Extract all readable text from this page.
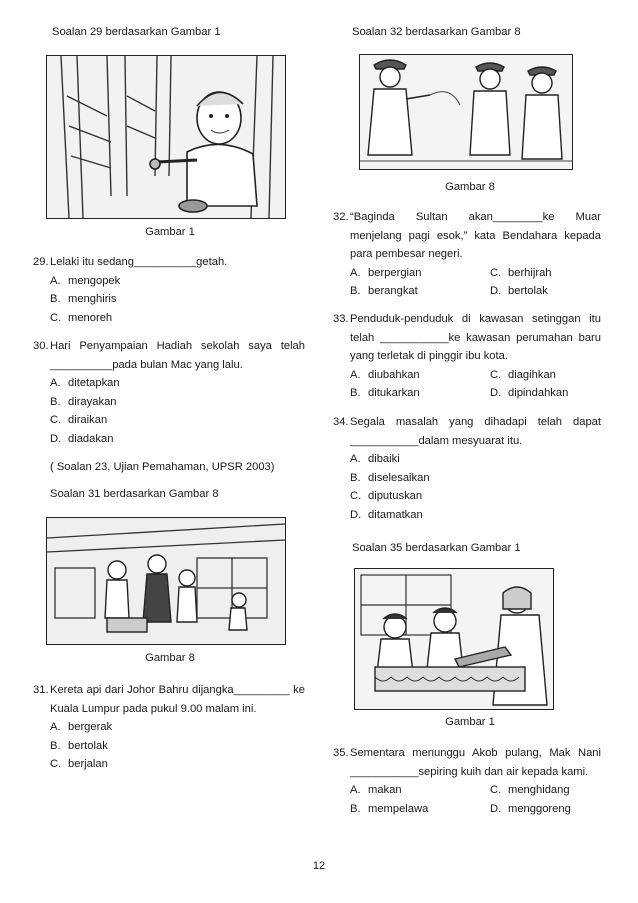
Soalan 29 berdasarkan Gambar 1
Gambar 1
29. Lelaki itu sedang__________getah.
A. mengopek
B. menghiris
C. menoreh
30. Hari Penyampaian Hadiah sekolah saya telah __________pada bulan Mac yang lalu.
A. ditetapkan
B. dirayakan
C. diraikan
D. diadakan
( Soalan 23, Ujian Pemahaman, UPSR 2003)
Soalan 31 berdasarkan Gambar 8
Gambar 8
31. Kereta api dari Johor Bahru dijangka_________ ke Kuala Lumpur pada pukul 9.00 malam ini.
A. bergerak
B. bertolak
C. berjalan
Soalan 32 berdasarkan Gambar 8
Gambar 8
32. “Baginda Sultan akan________ke Muar menjelang pagi esok,” kata Bendahara kepada para pembesar negeri.
A. berpergian	C. berhijrah
B. berangkat	D. bertolak
33. Penduduk-penduduk di kawasan setinggan itu telah ___________ke kawasan perumahan baru yang terletak di pinggir ibu kota.
A. diubahkan	C. diagihkan
B. ditukarkan	D. dipindahkan
34. Segala masalah yang dihadapi telah dapat ___________dalam mesyuarat itu.
A. dibaiki
B. diselesaikan
C. diputuskan
D. ditamatkan
Soalan 35 berdasarkan Gambar 1
Gambar 1
35. Sementara menunggu Akob pulang, Mak Nani ___________sepiring kuih dan air kepada kami.
A. makan	C. menghidang
B. mempelawa	D. menggoreng
12
